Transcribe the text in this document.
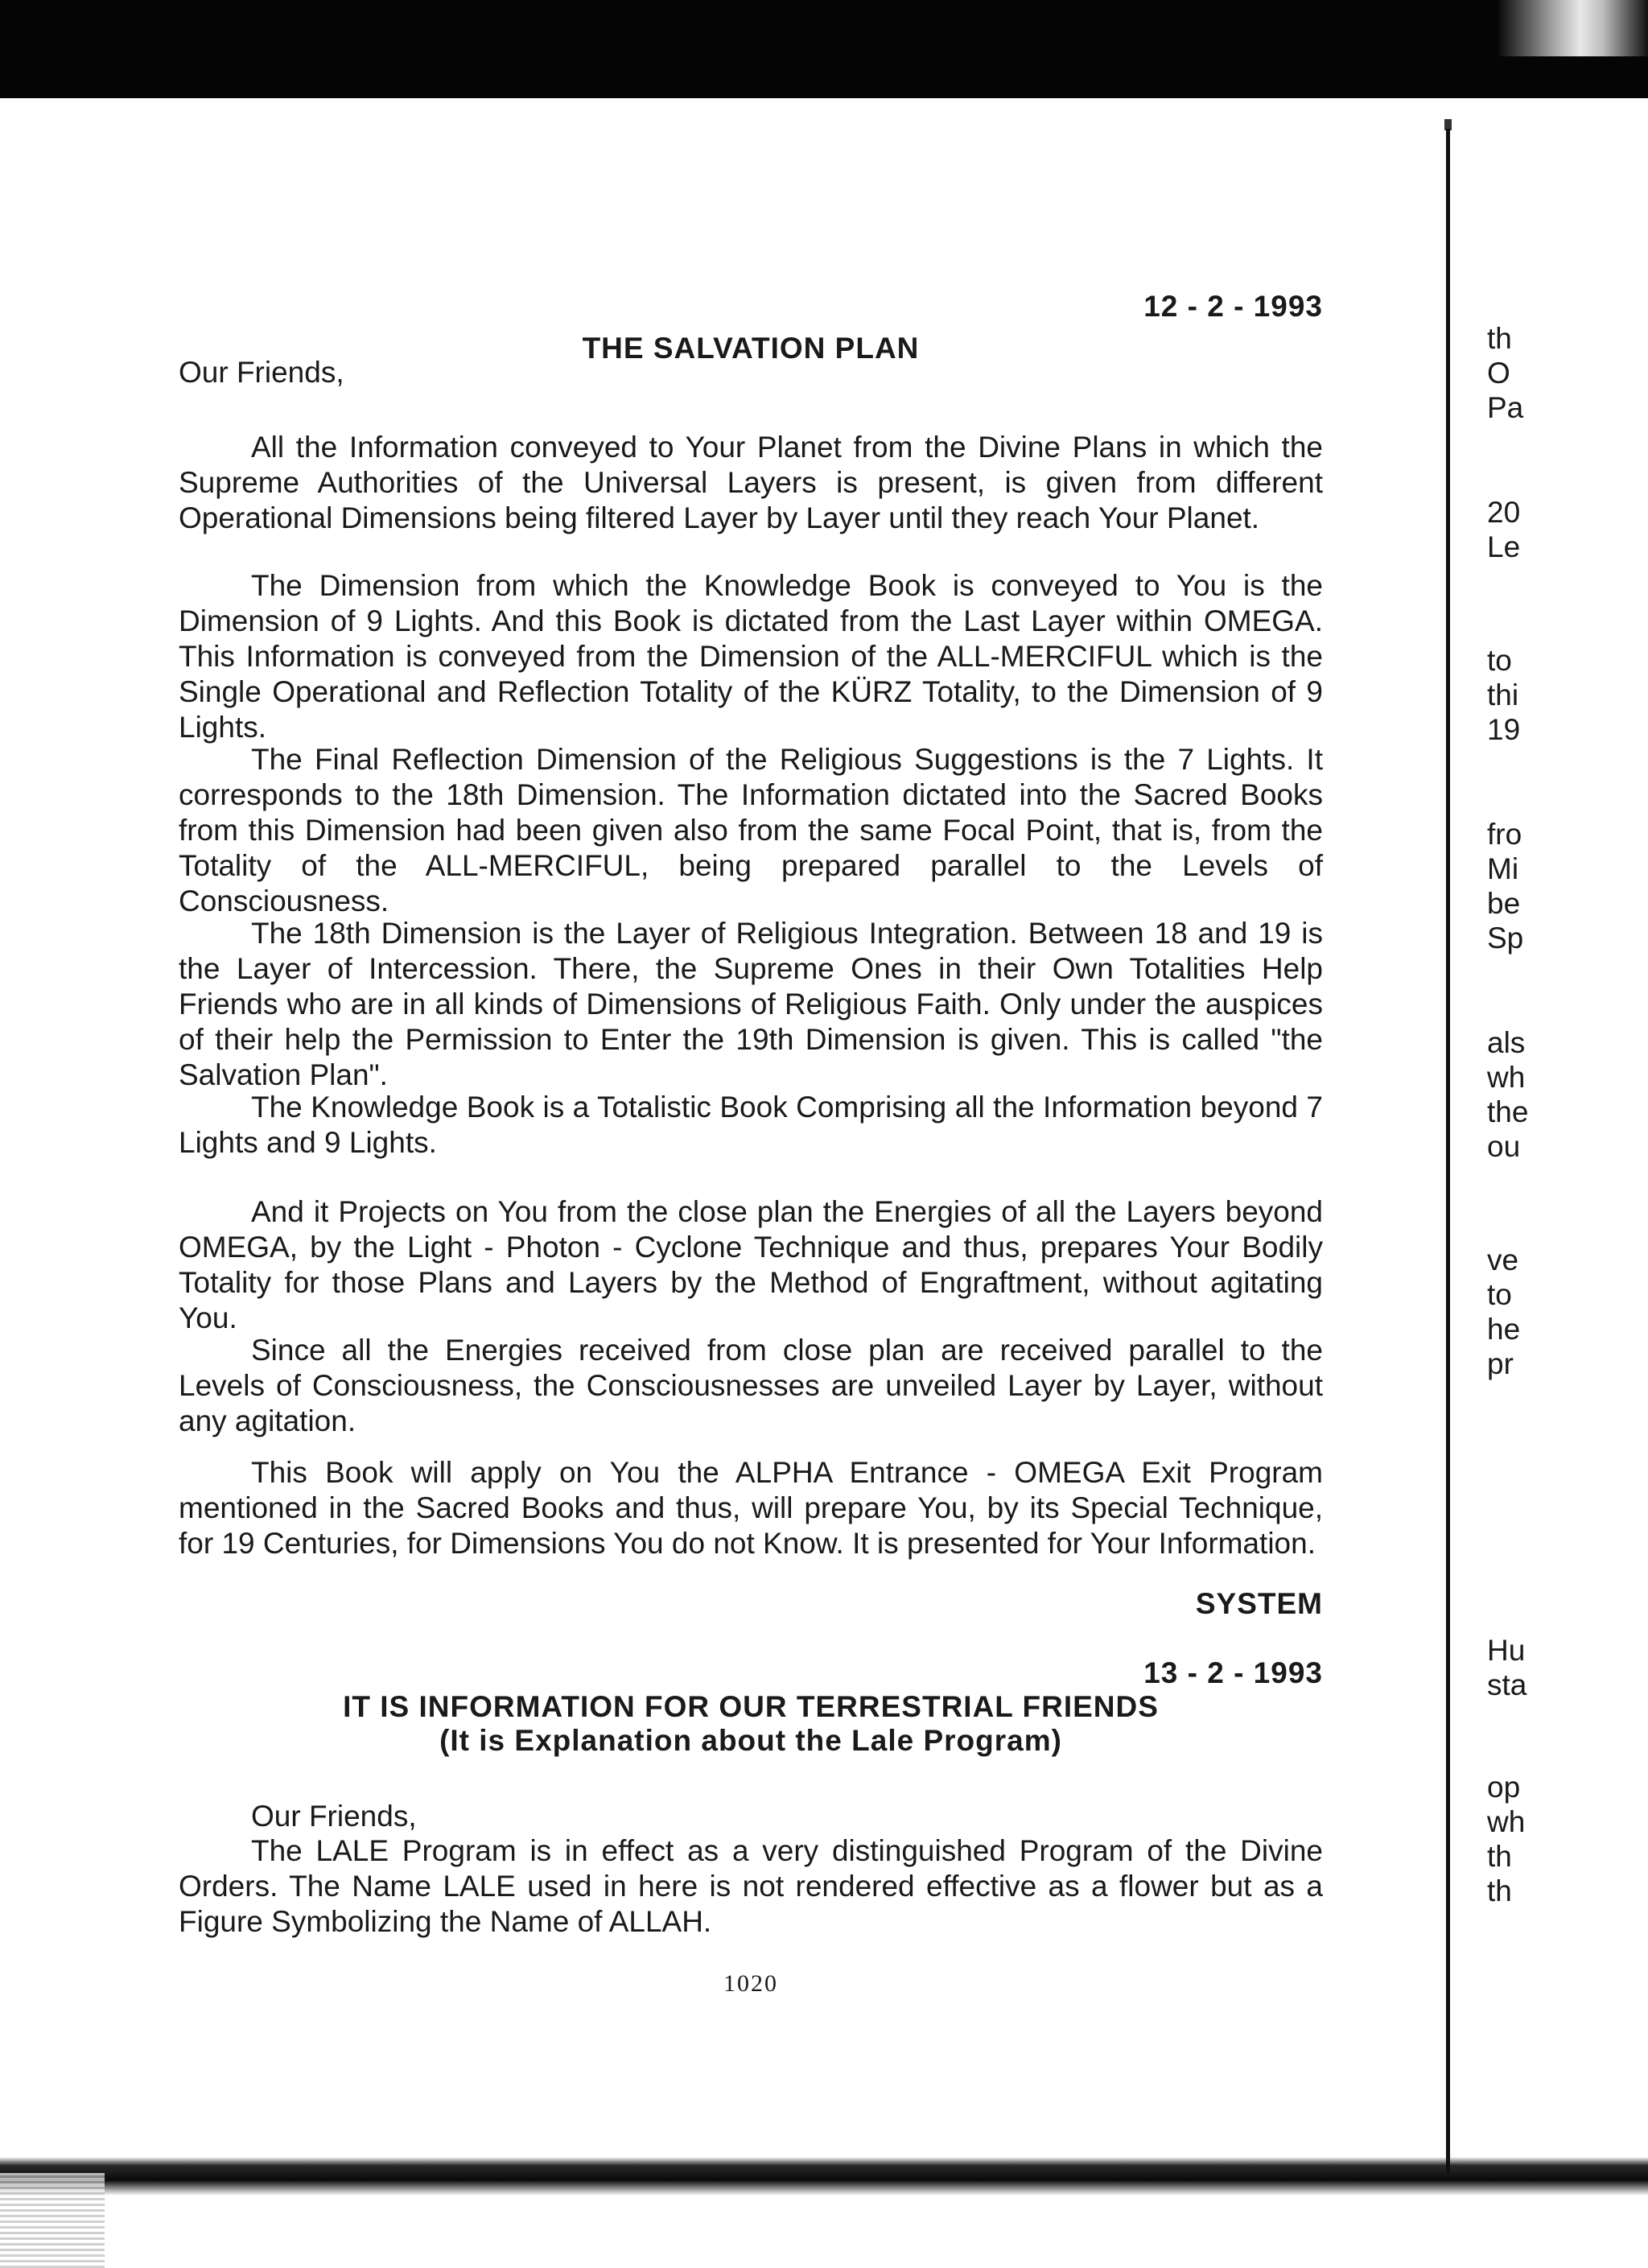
12 - 2 - 1993
THE SALVATION PLAN
Our Friends,
All the Information conveyed to Your Planet from the Divine Plans in which the Supreme Authorities of the Universal Layers is present, is given from different Operational Dimensions being filtered Layer by Layer until they reach Your Planet.
The Dimension from which the Knowledge Book is conveyed to You is the Dimension of 9 Lights. And this Book is dictated from the Last Layer within OMEGA. This Information is conveyed from the Dimension of the ALL-MERCIFUL which is the Single Operational and Reflection Totality of the KÜRZ Totality, to the Dimension of 9 Lights.
The Final Reflection Dimension of the Religious Suggestions is the 7 Lights. It corresponds to the 18th Dimension. The Information dictated into the Sacred Books from this Dimension had been given also from the same Focal Point, that is, from the Totality of the ALL-MERCIFUL, being prepared parallel to the Levels of Consciousness.
The 18th Dimension is the Layer of Religious Integration. Between 18 and 19 is the Layer of Intercession. There, the Supreme Ones in their Own Totalities Help Friends who are in all kinds of Dimensions of Religious Faith. Only under the auspices of their help the Permission to Enter the 19th Dimension is given. This is called "the Salvation Plan".
The Knowledge Book is a Totalistic Book Comprising all the Information beyond 7 Lights and 9 Lights.
And it Projects on You from the close plan the Energies of all the Layers beyond OMEGA, by the Light - Photon - Cyclone Technique and thus, prepares Your Bodily Totality for those Plans and Layers by the Method of Engraftment, without agitating You.
Since all the Energies received from close plan are received parallel to the Levels of Consciousness, the Consciousnesses are unveiled Layer by Layer, without any agitation.
This Book will apply on You the ALPHA Entrance - OMEGA Exit Program mentioned in the Sacred Books and thus, will prepare You, by its Special Technique, for 19 Centuries, for Dimensions You do not Know. It is presented for Your Information.
SYSTEM
13 - 2 - 1993
IT IS INFORMATION FOR OUR TERRESTRIAL FRIENDS
(It is Explanation about the Lale Program)
Our Friends,
The LALE Program is in effect as a very distinguished Program of the Divine Orders. The Name LALE used in here is not rendered effective as a flower but as a Figure Symbolizing the Name of ALLAH.
1020
th
O
Pa
20
Le
to
thi
19
fro
Mi
be
Sp
als
wh
the
ou
ve
to
he
pr
Hu
sta
op
wh
th
th
